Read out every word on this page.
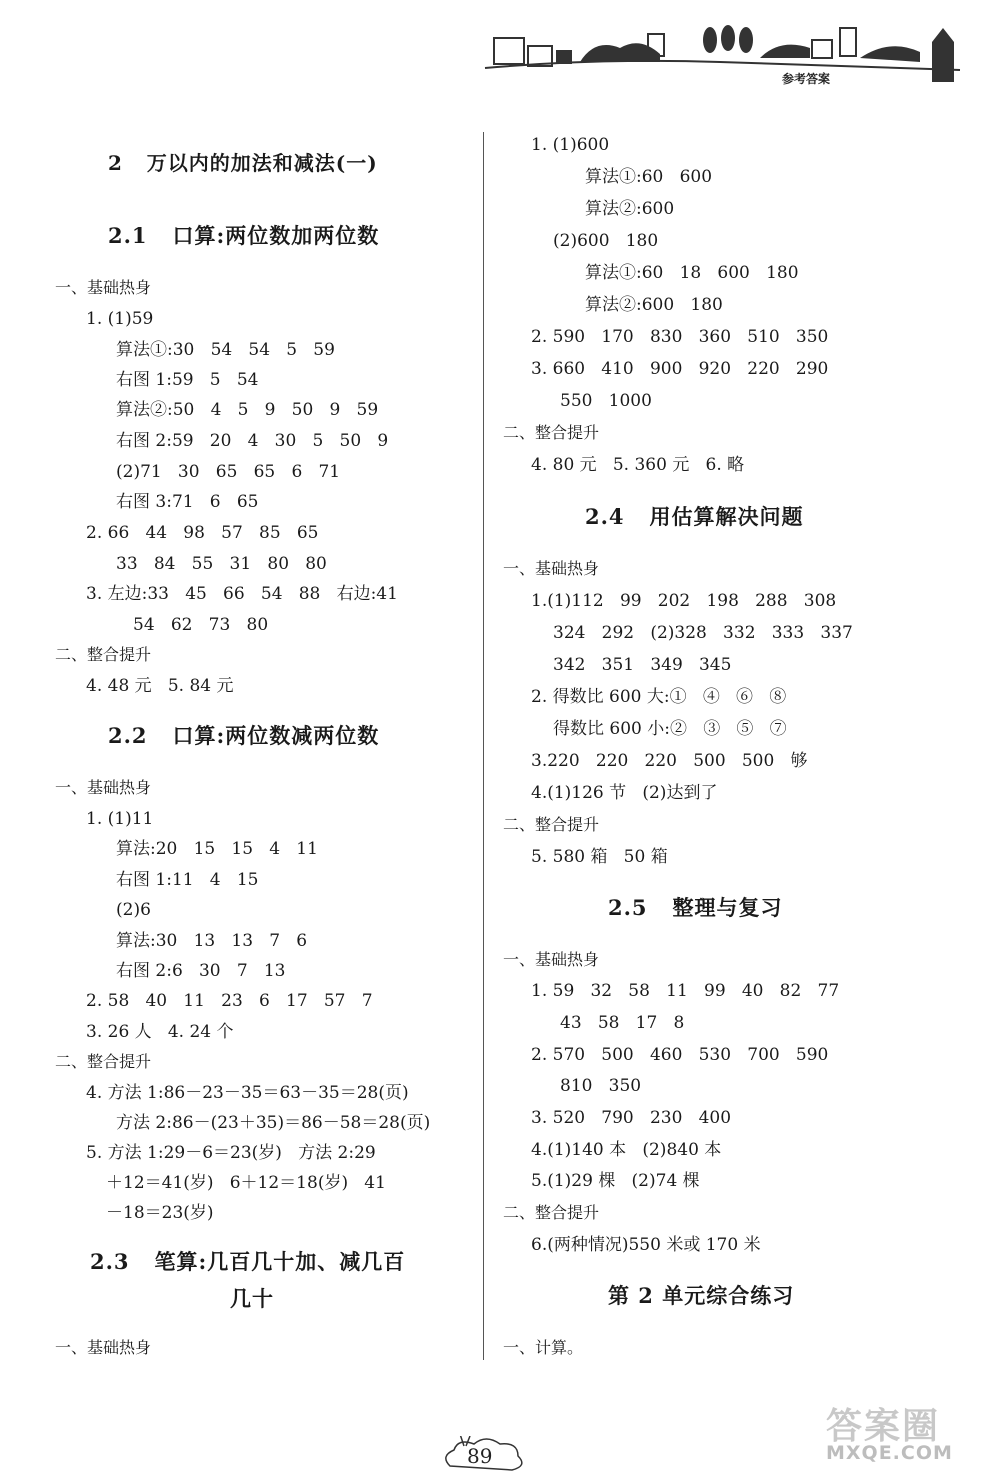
参考答案
2   万以内的加法和减法(一)
2.1   口算:两位数加两位数
一、基础热身
1. (1)59
算法①:30   54   54   5   59
右图 1:59   5   54
算法②:50   4   5   9   50   9   59
右图 2:59   20   4   30   5   50   9
(2)71   30   65   65   6   71
右图 3:71   6   65
2. 66   44   98   57   85   65
33   84   55   31   80   80
3. 左边:33   45   66   54   88   右边:41
54   62   73   80
二、整合提升
4. 48 元   5. 84 元
2.2   口算:两位数减两位数
一、基础热身
1. (1)11
算法:20   15   15   4   11
右图 1:11   4   15
(2)6
算法:30   13   13   7   6
右图 2:6   30   7   13
2. 58   40   11   23   6   17   57   7
3. 26 人   4. 24 个
二、整合提升
4. 方法 1:86－23－35＝63－35＝28(页)
方法 2:86－(23＋35)＝86－58＝28(页)
5. 方法 1:29－6＝23(岁)   方法 2:29
＋12＝41(岁)   6＋12＝18(岁)   41
－18＝23(岁)
2.3   笔算:几百几十加、减几百
几十
一、基础热身
1. (1)600
算法①:60   600
算法②:600
(2)600   180
算法①:60   18   600   180
算法②:600   180
2. 590   170   830   360   510   350
3. 660   410   900   920   220   290
550   1000
二、整合提升
4. 80 元   5. 360 元   6. 略
2.4   用估算解决问题
一、基础热身
1.(1)112   99   202   198   288   308
324   292   (2)328   332   333   337
342   351   349   345
2. 得数比 600 大:①   ④   ⑥   ⑧
得数比 600 小:②   ③   ⑤   ⑦
3.220   220   220   500   500   够
4.(1)126 节   (2)达到了
二、整合提升
5. 580 箱   50 箱
2.5   整理与复习
一、基础热身
1. 59   32   58   11   99   40   82   77
43   58   17   8
2. 570   500   460   530   700   590
810   350
3. 520   790   230   400
4.(1)140 本   (2)840 本
5.(1)29 棵   (2)74 棵
二、整合提升
6.(两种情况)550 米或 170 米
第 2 单元综合练习
一、计算。
89
答案圈
MXQE.COM
